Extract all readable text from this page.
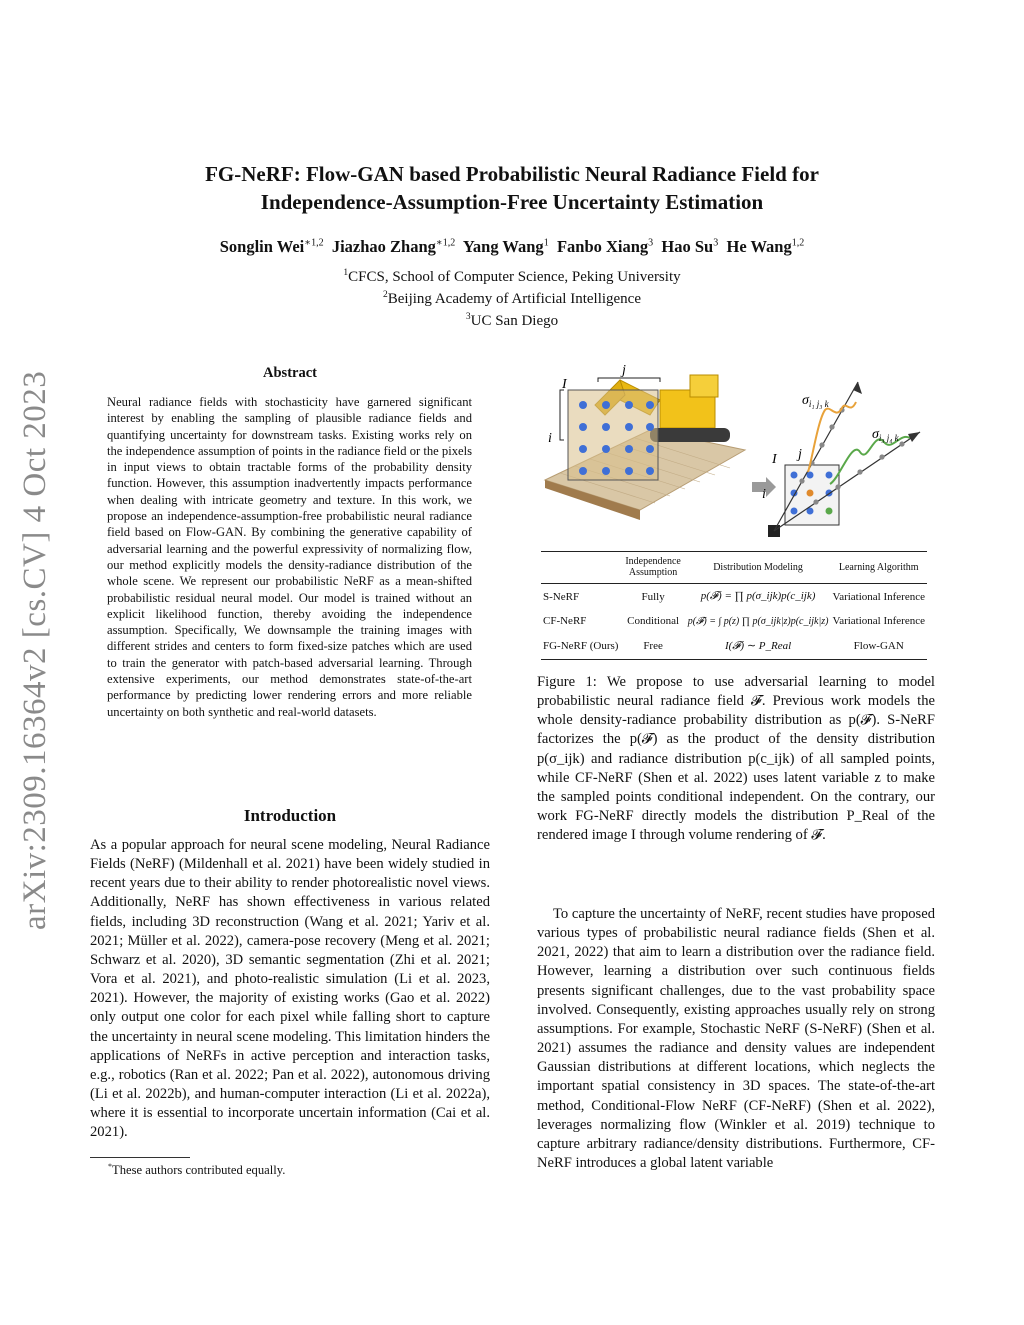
FG-NeRF: Flow-GAN based Probabilistic Neural Radiance Field for
Independence-Assumption-Free Uncertainty Estimation
Songlin Wei$^{∗1,2}$ Jiazhao Zhang$^{∗1,2}$ Yang Wang$^1$ Fanbo Xiang$^3$ Hao Su$^3$ He Wang$^{1,2}$
$^1$CFCS, School of Computer Science, Peking University
$^2$Beijing Academy of Artificial Intelligence
$^3$UC San Diego
arXiv:2309.16364v2 [cs.CV] 4 Oct 2023	Abstract
Neural radiance fields with stochasticity have garnered significant interest by enabling the sampling of plausible radiance fields and quantifying uncertainty for downstream tasks. Existing works rely on the independence assumption of points in the radiance field or the pixels in input views to obtain tractable forms of the probability density function. However, this assumption inadvertently impacts performance when dealing with intricate geometry and texture. In this work, we propose an independence-assumption-free probabilistic neural radiance field based on Flow-GAN. By combining the generative capability of adversarial learning and the powerful expressivity of normalizing flow, our method explicitly models the density-radiance distribution of the whole scene. We represent our probabilistic NeRF as a mean-shifted probabilistic residual neural model. Our model is trained without an explicit likelihood function, thereby avoiding the independence assumption. Specifically, We downsample the training images with different strides and centers to form fixed-size patches which are used to train the generator with patch-based adversarial learning. Through extensive experiments, our method demonstrates state-of-the-art performance by predicting lower rendering errors and more reliable uncertainty on both synthetic and real-world datasets.
Introduction
As a popular approach for neural scene modeling, Neural Radiance Fields (NeRF) (Mildenhall et al. 2021) have been widely studied in recent years due to their ability to render photorealistic novel views. Additionally, NeRF has shown effectiveness in various related fields, including 3D reconstruction (Wang et al. 2021; Yariv et al. 2021; Müller et al. 2022), camera-pose recovery (Meng et al. 2021; Schwarz et al. 2020), 3D semantic segmentation (Zhi et al. 2021; Vora et al. 2021), and photo-realistic simulation (Li et al. 2023, 2021). However, the majority of existing works (Gao et al. 2022) only output one color for each pixel while falling short to capture the uncertainty in neural scene modeling. This limitation hinders the applications of NeRFs in active perception and interaction tasks, e.g., robotics (Ran et al. 2022; Pan et al. 2022), autonomous driving (Li et al. 2022b), and human-computer interaction (Li et al. 2022a), where it is essential to incorporate uncertain information (Cai et al. 2021).
*These authors contributed equally.
j
I
i
I j
i
$\sigma_{i_1 j_3 k}$
$\sigma_{i_3 j_4 k}$
	Independence Assumption	Distribution Modeling	Learning Algorithm
S-NeRF	Fully	p(𝓕) = ∏ p(σ_ijk)p(c_ijk)	Variational Inference
CF-NeRF	Conditional	p(𝓕) = ∫ p(z) ∏ p(σ_ijk|z)p(c_ijk|z)	Variational Inference
FG-NeRF (Ours)	Free	I(𝓕) ∼ P_Real	Flow-GAN
Figure 1: We propose to use adversarial learning to model probabilistic neural radiance field 𝓕. Previous work models the whole density-radiance probability distribution as p(𝓕). S-NeRF factorizes the p(𝓕) as the product of the density distribution p(σ_ijk) and radiance distribution p(c_ijk) of all sampled points, while CF-NeRF (Shen et al. 2022) uses latent variable z to make the sampled points conditional independent. On the contrary, our work FG-NeRF directly models the distribution P_Real of the rendered image I through volume rendering of 𝓕.
To capture the uncertainty of NeRF, recent studies have proposed various types of probabilistic neural radiance fields (Shen et al. 2021, 2022) that aim to learn a distribution over the radiance field. However, learning a distribution over such continuous fields presents significant challenges, due to the vast probability space involved. Consequently, existing approaches usually rely on strong assumptions. For example, Stochastic NeRF (S-NeRF) (Shen et al. 2021) assumes the radiance and density values are independent Gaussian distributions at different locations, which neglects the important spatial consistency in 3D spaces. The state-of-the-art method, Conditional-Flow NeRF (CF-NeRF) (Shen et al. 2022), leverages normalizing flow (Winkler et al. 2019) technique to capture arbitrary radiance/density distributions. Furthermore, CF-NeRF introduces a global latent variable
